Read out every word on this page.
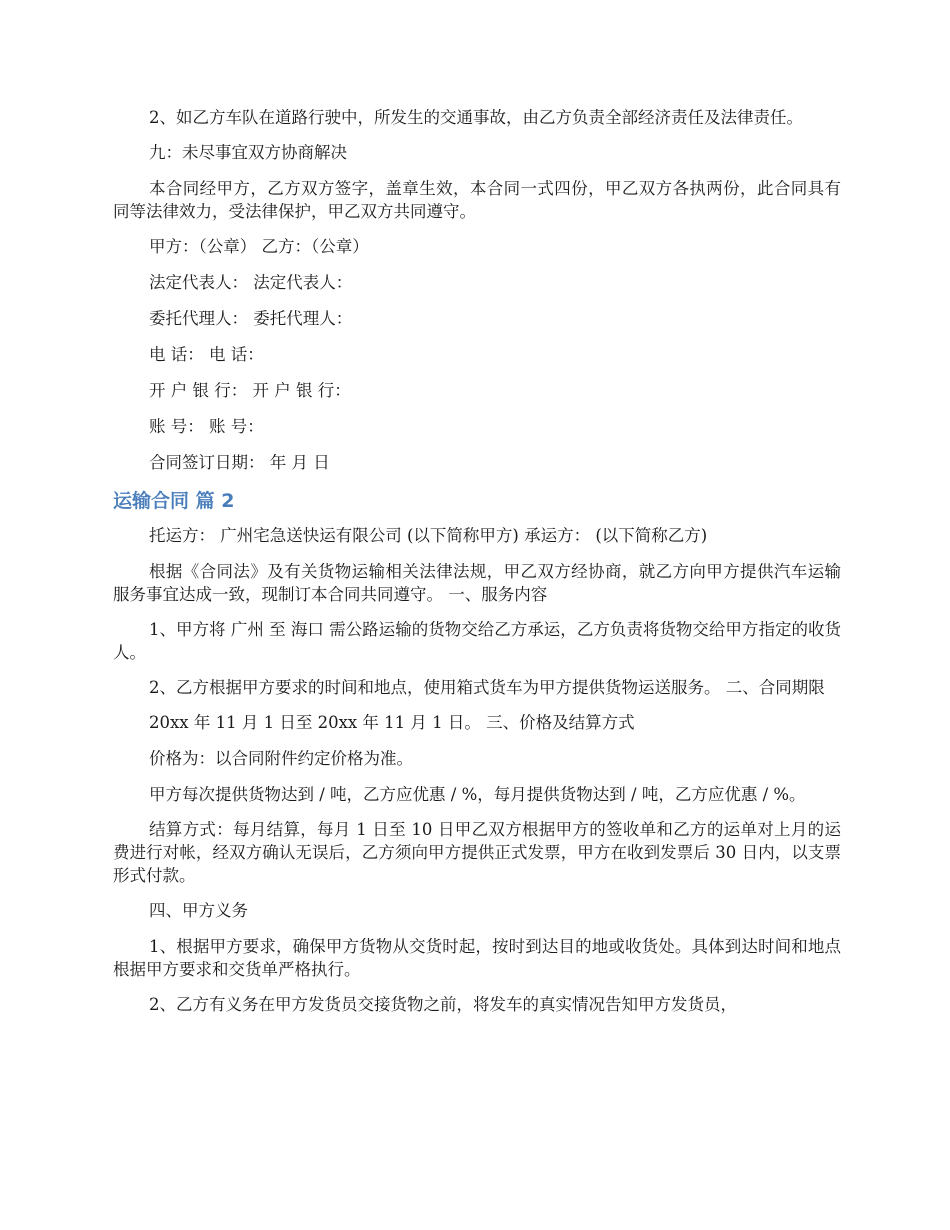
2、如乙方车队在道路行驶中，所发生的交通事故，由乙方负责全部经济责任及法律责任。

九：未尽事宜双方协商解决

本合同经甲方，乙方双方签字，盖章生效，本合同一式四份，甲乙双方各执两份，此合同具有同等法律效力，受法律保护，甲乙双方共同遵守。

甲方：（公章） 乙方：（公章）

法定代表人： 法定代表人：

委托代理人： 委托代理人：

电 话： 电 话：

开 户 银 行： 开 户 银 行：

账 号： 账 号：

合同签订日期： 年 月 日

运输合同 篇 2

托运方： 广州宅急送快运有限公司 (以下简称甲方) 承运方： (以下简称乙方)

根据《合同法》及有关货物运输相关法律法规，甲乙双方经协商，就乙方向甲方提供汽车运输服务事宜达成一致，现制订本合同共同遵守。 一、服务内容

1、甲方将 广州 至 海口 需公路运输的货物交给乙方承运，乙方负责将货物交给甲方指定的收货人。

2、乙方根据甲方要求的时间和地点，使用箱式货车为甲方提供货物运送服务。 二、合同期限

20xx 年 11 月 1 日至 20xx 年 11 月 1 日。 三、价格及结算方式

价格为：以合同附件约定价格为准。

甲方每次提供货物达到 / 吨，乙方应优惠 / %，每月提供货物达到 / 吨，乙方应优惠 / %。

结算方式：每月结算，每月 1 日至 10 日甲乙双方根据甲方的签收单和乙方的运单对上月的运费进行对帐，经双方确认无误后，乙方须向甲方提供正式发票，甲方在收到发票后 30 日内，以支票形式付款。

四、甲方义务

1、根据甲方要求，确保甲方货物从交货时起，按时到达目的地或收货处。具体到达时间和地点根据甲方要求和交货单严格执行。

2、乙方有义务在甲方发货员交接货物之前，将发车的真实情况告知甲方发货员，
